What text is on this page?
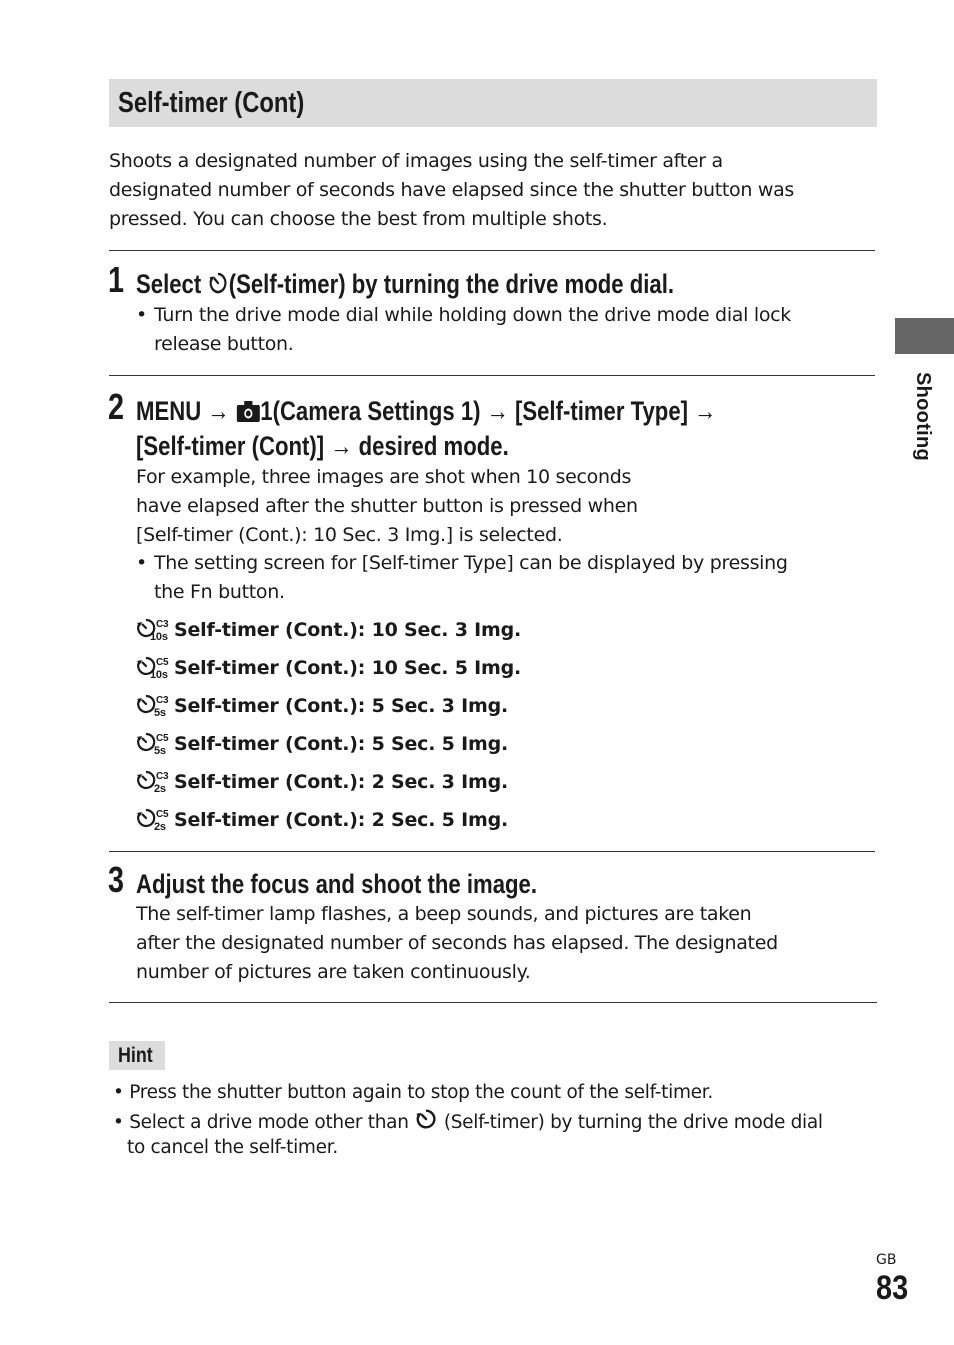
Self-timer (Cont)
Shoots a designated number of images using the self-timer after a
designated number of seconds have elapsed since the shutter button was
pressed. You can choose the best from multiple shots.
1 Select (Self-timer) by turning the drive mode dial.
• Turn the drive mode dial while holding down the drive mode dial lock
release button.
2 MENU → 1(Camera Settings 1) → [Self-timer Type] →
[Self-timer (Cont)] → desired mode.
For example, three images are shot when 10 seconds
have elapsed after the shutter button is pressed when
[Self-timer (Cont.): 10 Sec. 3 Img.] is selected.
• The setting screen for [Self-timer Type] can be displayed by pressing
the Fn button.
C3
10s Self-timer (Cont.): 10 Sec. 3 Img.
C5
10s Self-timer (Cont.): 10 Sec. 5 Img.
C3
5s Self-timer (Cont.): 5 Sec. 3 Img.
C5
5s Self-timer (Cont.): 5 Sec. 5 Img.
C3
2s Self-timer (Cont.): 2 Sec. 3 Img.
C5
2s Self-timer (Cont.): 2 Sec. 5 Img.
3 Adjust the focus and shoot the image.
The self-timer lamp flashes, a beep sounds, and pictures are taken
after the designated number of seconds has elapsed. The designated
number of pictures are taken continuously.
Hint
• Press the shutter button again to stop the count of the self-timer.
• Select a drive mode other than  (Self-timer) by turning the drive mode dial
to cancel the self-timer.
Shooting
GB
83
